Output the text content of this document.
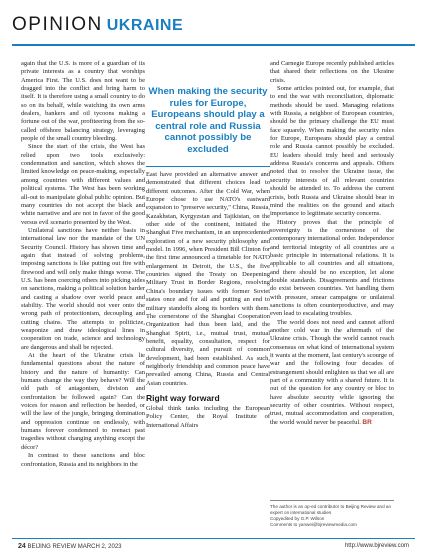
OPINION UKRAINE

again that the U.S. is more of a guardian of its private interests as a country that worships America First. The U.S. does not want to be dragged into the conflict and bring harm to itself. It is therefore using a small country to do so on its behalf, while watching its own arms dealers, bankers and oil tycoons making a fortune out of the war, profiteering from the so-called offshore balancing strategy, leveraging people of the small country bleeding.

Since the start of the crisis, the West has relied upon two tools exclusively: condemnation and sanction, which shows the limited knowledge on peace-making, especially among countries with different values and political systems. The West has been working all-out to manipulate global public opinion. But many countries do not accept the black and white narrative and are not in favor of the good versus evil scenario presented by the West.

Unilateral sanctions have neither basis in international law nor the mandate of the UN Security Council. History has shown time and again that instead of solving problems, imposing sanctions is like putting out fire with firewood and will only make things worse. The U.S. has been coercing others into picking sides on sanctions, making a political solution harder and casting a shadow over world peace and stability. The world should not veer onto the wrong path of protectionism, decoupling and cutting chains. The attempts to politicize, weaponize and draw ideological lines in cooperation on trade, science and technology are dangerous and shall be rejected.

At the heart of the Ukraine crisis lie fundamental questions about the nature of history and the nature of humanity: Can humans change the way they behave? Will the old path of antagonism, division and confrontation be followed again? Can the voices for reason and reflection be heeded, or will the law of the jungle, bringing domination and oppression continue on endlessly, with humans forever condemned to reenact past tragedies without changing anything except the décor?

In contrast to these sanctions and bloc confrontation, Russia and its neighbors in the

When making the security rules for Europe, Europeans should play a central role and Russia cannot possibly be excluded

East have provided an alternative answer and demonstrated that different choices lead to different outcomes. After the Cold War, when Europe chose to use NATO's eastward expansion to "preserve security," China, Russia, Kazakhstan, Kyrgyzstan and Tajikistan, on the other side of the continent, initiated the Shanghai Five mechanism, in an unprecedented exploration of a new security philosophy and model. In 1996, when President Bill Clinton for the first time announced a timetable for NATO enlargement in Detroit, the U.S., the five countries signed the Treaty on Deepening Military Trust in Border Regions, resolving China's boundary issues with former Soviet states once and for all and putting an end to military standoffs along its borders with them. The cornerstone of the Shanghai Cooperation Organization had thus been laid, and the Shanghai Spirit, i.e., mutual trust, mutual benefit, equality, consultation, respect for cultural diversity, and pursuit of common development, had been established. As such, neighborly friendship and common peace have prevailed among China, Russia and Central Asian countries.

Right way forward

Global think tanks including the European Policy Center, the Royal Institute of International Affairs

and Carnegie Europe recently published articles that shared their reflections on the Ukraine crisis.

Some articles pointed out, for example, that to end the war with reconciliation, diplomatic methods should be used. Managing relations with Russia, a neighbor of European countries, should be the primary challenge the EU must face squarely. When making the security rules for Europe, Europeans should play a central role and Russia cannot possibly be excluded. EU leaders should truly heed and seriously address Russia's concerns and appeals. Others noted that to resolve the Ukraine issue, the security interests of all relevant countries should be attended to. To address the current crisis, both Russia and Ukraine should bear in mind the realities on the ground and attach importance to legitimate security concerns.

History proves that the principle of sovereignty is the cornerstone of the contemporary international order. Independence and territorial integrity of all countries are a basic principle in international relations. It is applicable to all countries and all situations, and there should be no exception, let alone double standards. Disagreements and frictions do exist between countries. Yet handling them with pressure, smear campaigns or unilateral sanctions is often counterproductive, and may even lead to escalating troubles.

The world does not need and cannot afford another cold war in the aftermath of the Ukraine crisis. Though the world cannot reach consensus on what kind of international system it wants at the moment, last century's scourge of war and the following four decades of estrangement should enlighten us that we all are part of a community with a shared future. It is out of the question for any country or bloc to have absolute security while ignoring the security of other countries. Without respect, trust, mutual accommodation and cooperation, the world would never be peaceful. BR

The author is an op-ed contributor to Beijing Review and an expert on international studies
Copyedited by G.P. Wilson
Comments to yanwei@bjreviewmedia.com
24 BEIJING REVIEW MARCH 2, 2023	http://www.bjreview.com
